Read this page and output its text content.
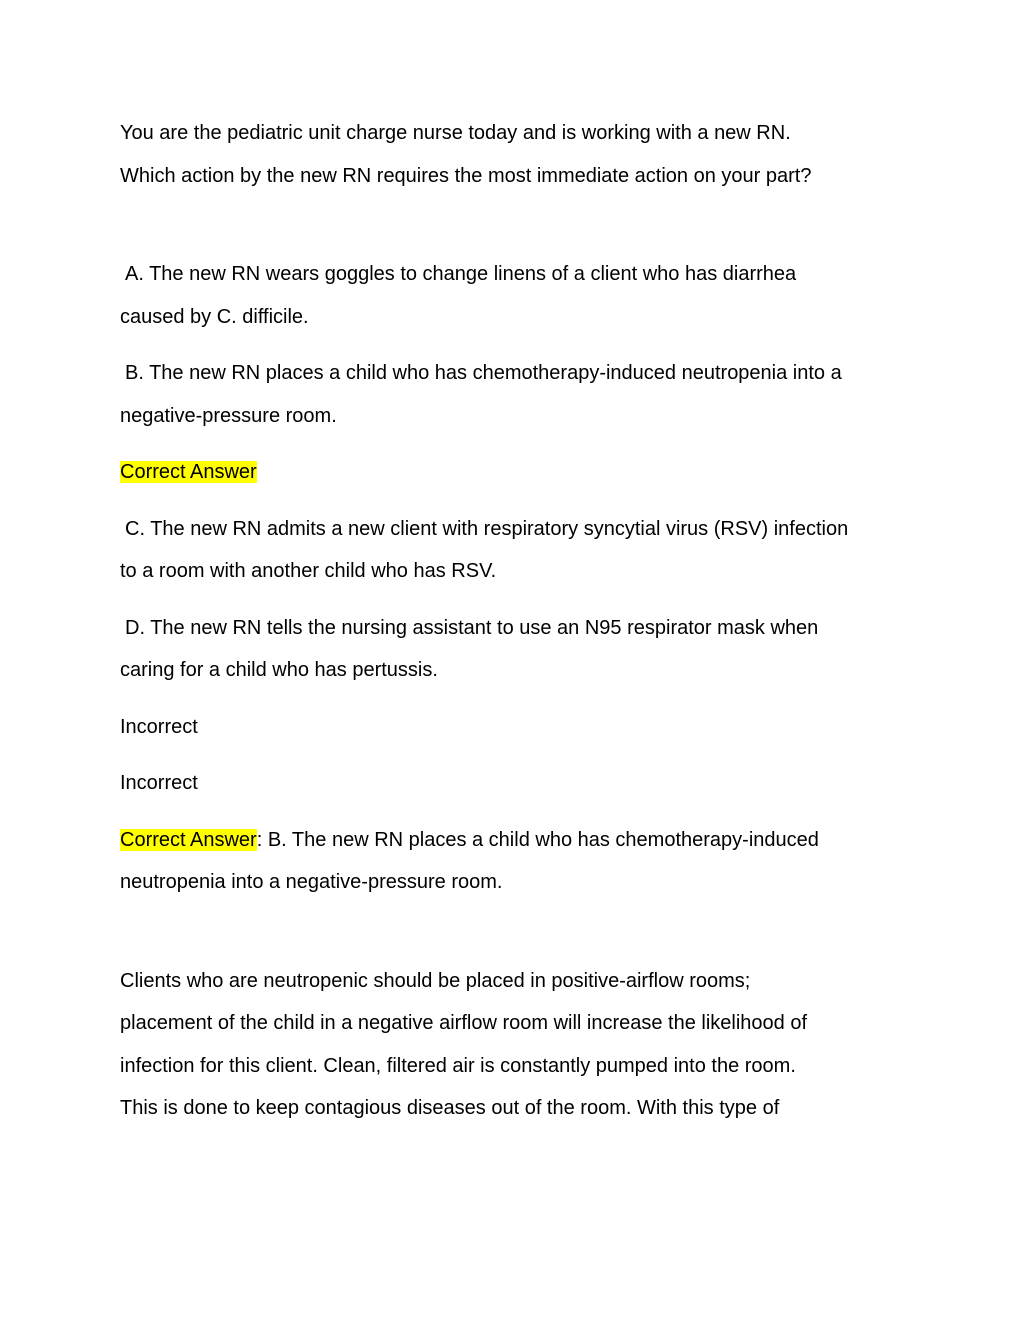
You are the pediatric unit charge nurse today and is working with a new RN.

Which action by the new RN requires the most immediate action on your part?

A. The new RN wears goggles to change linens of a client who has diarrhea

caused by C. difficile.

B. The new RN places a child who has chemotherapy-induced neutropenia into a

negative-pressure room.

Correct Answer

C. The new RN admits a new client with respiratory syncytial virus (RSV) infection

to a room with another child who has RSV.

D. The new RN tells the nursing assistant to use an N95 respirator mask when

caring for a child who has pertussis.

Incorrect

Incorrect

Correct Answer: B. The new RN places a child who has chemotherapy-induced

neutropenia into a negative-pressure room.

Clients who are neutropenic should be placed in positive-airflow rooms;

placement of the child in a negative airflow room will increase the likelihood of

infection for this client. Clean, filtered air is constantly pumped into the room.

This is done to keep contagious diseases out of the room. With this type of
